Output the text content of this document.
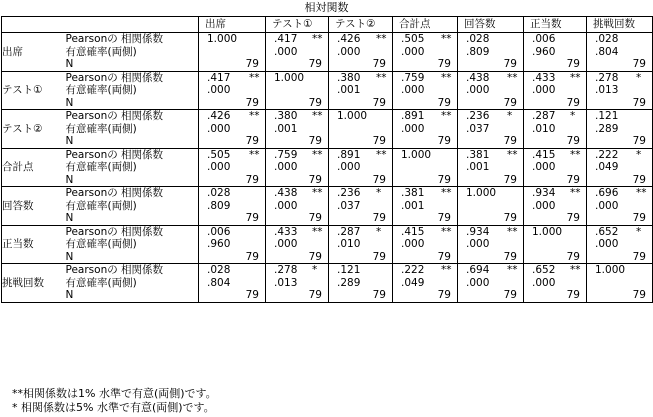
相対関数
		出席	テスト①	テスト②	合計点	回答数	正当数	挑戦回数
出席	Pearsonの 相関係数	1.000	.417 **	.426 **	.505 **	.028	.006	.028

	有意確率(両側)		.000	.000	.000	.809	.960	.804

	N	79	79	79	79	79	79	79

テスト①	Pearsonの 相関係数	.417 **	1.000	.380 **	.759 **	.438 **	.433 **	.278 *

	有意確率(両側)	.000		.001	.000	.000	.000	.013

	N	79	79	79	79	79	79	79

テスト②	Pearsonの 相関係数	.426 **	.380 **	1.000	.891 **	.236 *	.287 *	.121

	有意確率(両側)	.000	.001		.000	.037	.010	.289

	N	79	79	79	79	79	79	79

合計点	Pearsonの 相関係数	.505 **	.759 **	.891 **	1.000	.381 **	.415 **	.222 *

	有意確率(両側)	.000	.000	.000		.001	.000	.049

	N	79	79	79	79	79	79	79

回答数	Pearsonの 相関係数	.028	.438 **	.236 *	.381 **	1.000	.934 **	.696 **

	有意確率(両側)	.809	.000	.037	.001		.000	.000

	N	79	79	79	79	79	79	79

正当数	Pearsonの 相関係数	.006	.433 **	.287 *	.415 **	.934 **	1.000	.652 *

	有意確率(両側)	.960	.000	.010	.000	.000		.000

	N	79	79	79	79	79	79	79

挑戦回数	Pearsonの 相関係数	.028	.278 *	.121	.222 **	.694 **	.652 **	1.000

	有意確率(両側)	.804	.013	.289	.049	.000	.000	

	N	79	79	79	79	79	79	79
**相関係数は1% 水準で有意(両側)です。
* 相関係数は5% 水準で有意(両側)です。
